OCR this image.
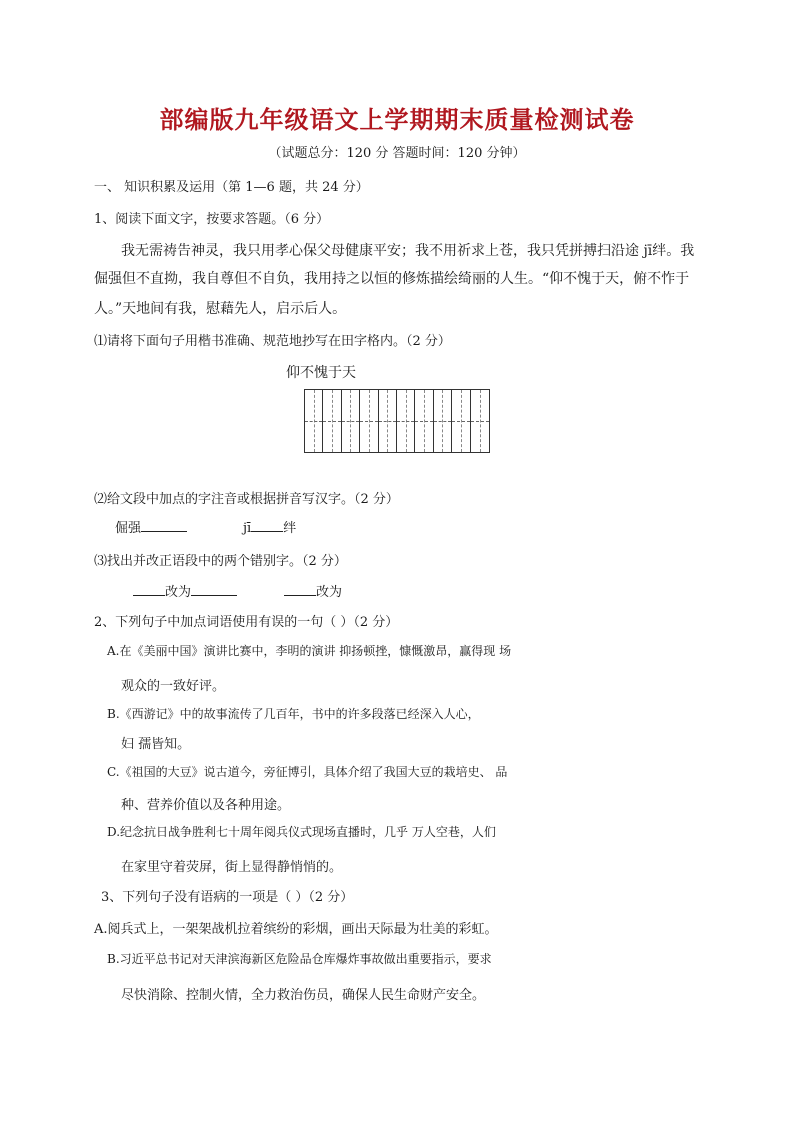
部编版九年级语文上学期期末质量检测试卷
（试题总分：120 分 答题时间：120 分钟）
一、 知识积累及运用（第 1—6 题，共 24 分）
1、阅读下面文字，按要求答题。（6 分）
我无需祷告神灵，我只用孝心保父母健康平安；我不用祈求上苍，我只凭拼搏扫沿途 jī绊。我
倔强但不直拗，我自尊但不自负，我用持之以恒的修炼描绘绮丽的人生。“仰不愧于天，俯不怍于
人。”天地间有我，慰藉先人，启示后人。
⑴请将下面句子用楷书准确、规范地抄写在田字格内。（2 分）
仰不愧于天
⑵给文段中加点的字注音或根据拼音写汉字。（2 分）
倔强	jī 绊
⑶找出并改正语段中的两个错别字。（2 分）
改为	改为
2、下列句子中加点词语使用有误的一句（ ）（2 分）
A.在《美丽中国》演讲比赛中，李明的演讲 抑扬顿挫，慷慨激昂，赢得现 场
观众的一致好评。
B.《西游记》中的故事流传了几百年，书中的许多段落已经深入人心，
妇 孺皆知。
C.《祖国的大豆》说古道今，旁征博引，具体介绍了我国大豆的栽培史、 品
种、营养价值以及各种用途。
D.纪念抗日战争胜利七十周年阅兵仪式现场直播时，几乎 万人空巷，人们
在家里守着荧屏，街上显得静悄悄的。
3、下列句子没有语病的一项是（ ）（2 分）
A.阅兵式上，一架架战机拉着缤纷的彩烟，画出天际最为壮美的彩虹。
B.习近平总书记对天津滨海新区危险品仓库爆炸事故做出重要指示，要求
尽快消除、控制火情，全力救治伤员，确保人民生命财产安全。
